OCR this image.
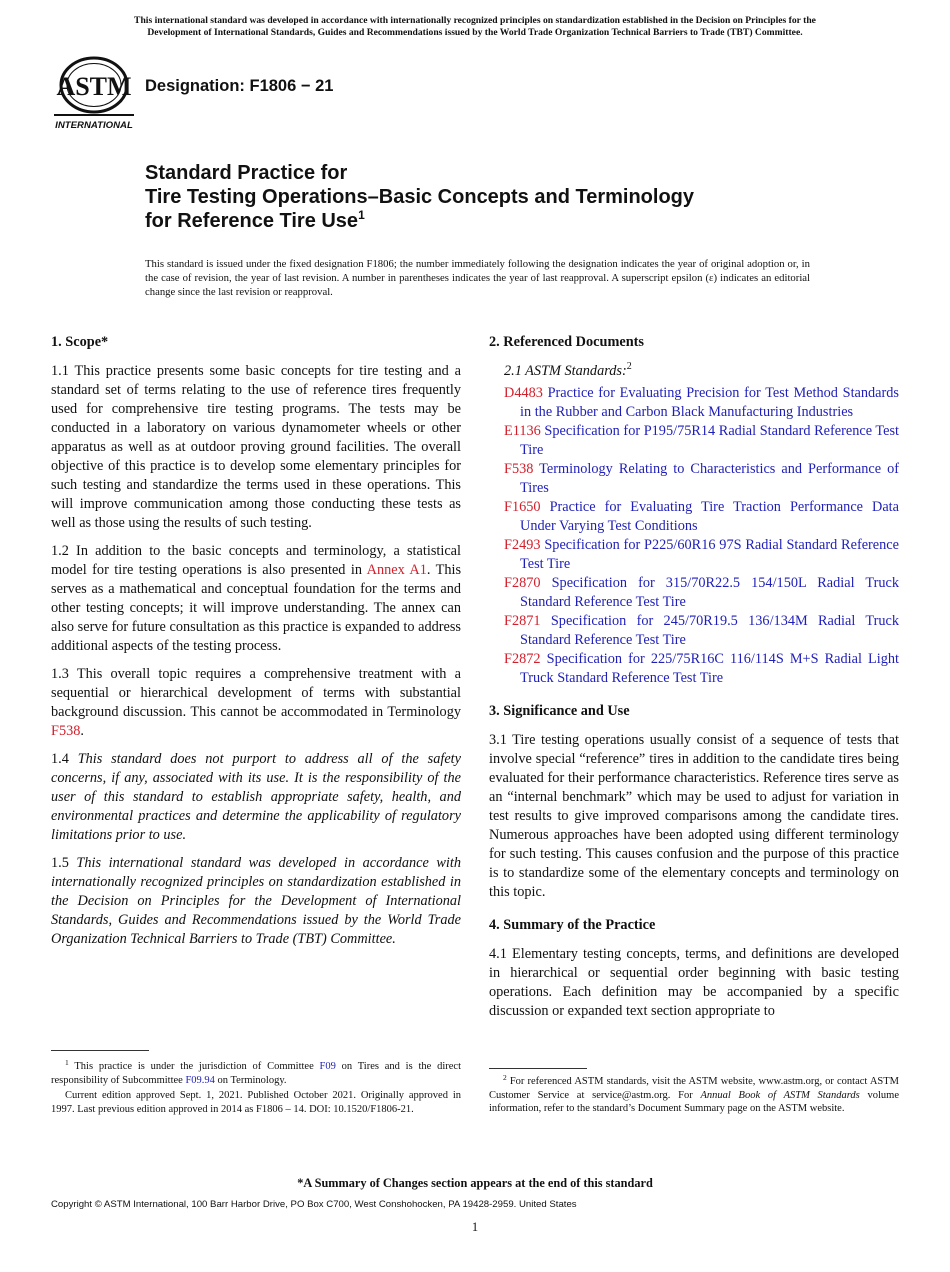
This international standard was developed in accordance with internationally recognized principles on standardization established in the Decision on Principles for the
Development of International Standards, Guides and Recommendations issued by the World Trade Organization Technical Barriers to Trade (TBT) Committee.
ASTM
INTERNATIONAL
Designation: F1806 − 21
Standard Practice for
Tire Testing Operations–Basic Concepts and Terminology
for Reference Tire Use$^1$
This standard is issued under the fixed designation F1806; the number immediately following the designation indicates the year of original adoption or, in the case of revision, the year of last revision. A number in parentheses indicates the year of last reapproval. A superscript epsilon (ε) indicates an editorial change since the last revision or reapproval.
1. Scope*

1.1 This practice presents some basic concepts for tire testing and a standard set of terms relating to the use of reference tires frequently used for comprehensive tire testing programs. The tests may be conducted in a laboratory on various dynamometer wheels or other apparatus as well as at outdoor proving ground facilities. The overall objective of this practice is to develop some elementary principles for such testing and standardize the terms used in these operations. This will improve communication among those conducting these tests as well as those using the results of such testing.

1.2 In addition to the basic concepts and terminology, a statistical model for tire testing operations is also presented in Annex A1. This serves as a mathematical and conceptual foundation for the terms and other testing concepts; it will improve understanding. The annex can also serve for future consultation as this practice is expanded to address additional aspects of the testing process.

1.3 This overall topic requires a comprehensive treatment with a sequential or hierarchical development of terms with substantial background discussion. This cannot be accommodated in Terminology F538.

1.4 This standard does not purport to address all of the safety concerns, if any, associated with its use. It is the responsibility of the user of this standard to establish appropriate safety, health, and environmental practices and determine the applicability of regulatory limitations prior to use.

1.5 This international standard was developed in accordance with internationally recognized principles on standardization established in the Decision on Principles for the Development of International Standards, Guides and Recommendations issued by the World Trade Organization Technical Barriers to Trade (TBT) Committee.

2. Referenced Documents

2.1 ASTM Standards:$^2$

D4483 Practice for Evaluating Precision for Test Method Standards in the Rubber and Carbon Black Manufacturing Industries

E1136 Specification for P195/75R14 Radial Standard Reference Test Tire

F538 Terminology Relating to Characteristics and Performance of Tires

F1650 Practice for Evaluating Tire Traction Performance Data Under Varying Test Conditions

F2493 Specification for P225/60R16 97S Radial Standard Reference Test Tire

F2870 Specification for 315/70R22.5 154/150L Radial Truck Standard Reference Test Tire

F2871 Specification for 245/70R19.5 136/134M Radial Truck Standard Reference Test Tire

F2872 Specification for 225/75R16C 116/114S M+S Radial Light Truck Standard Reference Test Tire

3. Significance and Use

3.1 Tire testing operations usually consist of a sequence of tests that involve special “reference” tires in addition to the candidate tires being evaluated for their performance characteristics. Reference tires serve as an “internal benchmark” which may be used to adjust for variation in test results to give improved comparisons among the candidate tires. Numerous approaches have been adopted using different terminology for such testing. This causes confusion and the purpose of this practice is to standardize some of the elementary concepts and terminology on this topic.

4. Summary of the Practice

4.1 Elementary testing concepts, terms, and definitions are developed in hierarchical or sequential order beginning with basic testing operations. Each definition may be accompanied by a specific discussion or expanded text section appropriate to

$^1$ This practice is under the jurisdiction of Committee F09 on Tires and is the direct responsibility of Subcommittee F09.94 on Terminology.

Current edition approved Sept. 1, 2021. Published October 2021. Originally approved in 1997. Last previous edition approved in 2014 as F1806 – 14. DOI: 10.1520/F1806-21.

$^2$ For referenced ASTM standards, visit the ASTM website, www.astm.org, or contact ASTM Customer Service at service@astm.org. For Annual Book of ASTM Standards volume information, refer to the standard’s Document Summary page on the ASTM website.

*A Summary of Changes section appears at the end of this standard
Copyright © ASTM International, 100 Barr Harbor Drive, PO Box C700, West Conshohocken, PA 19428-2959. United States
1
